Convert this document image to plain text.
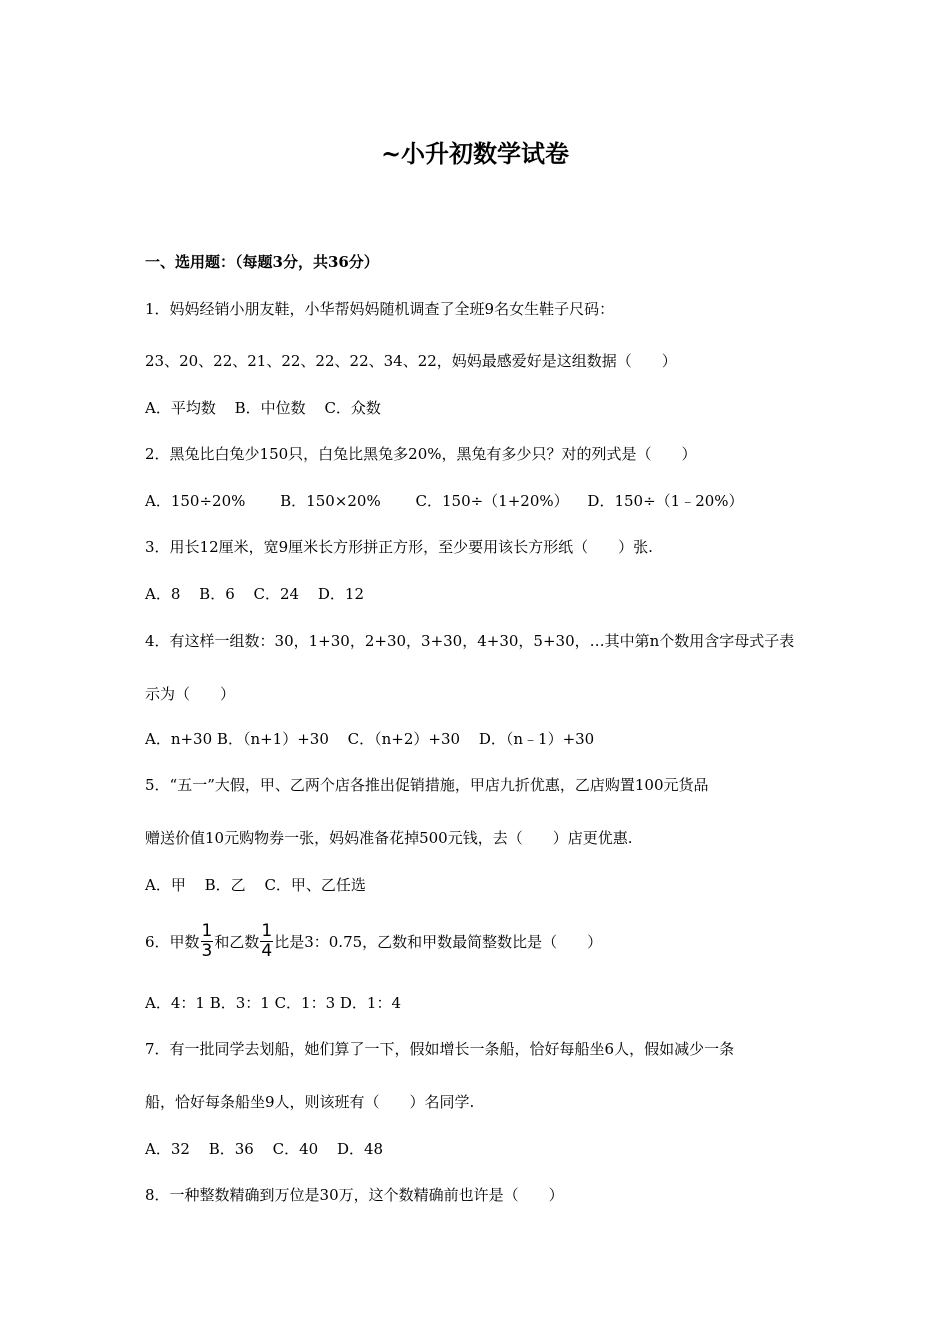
~小升初数学试卷
一、选用题：（每题3分，共36分）
1．妈妈经销小朋友鞋，小华帮妈妈随机调查了全班9名女生鞋子尺码：
23、20、22、21、22、22、22、34、22，妈妈最感爱好是这组数据（　　）
A．平均数 B．中位数 C．众数
2．黑兔比白兔少150只，白兔比黑兔多20%，黑兔有多少只？对的列式是（　　）
A．150÷20% B．150×20% C．150÷（1+20%） D．150÷（1﹣20%）
3．用长12厘米，宽9厘米长方形拼正方形，至少要用该长方形纸（　　）张.
A．8 B．6 C．24 D．12
4．有这样一组数：30，1+30，2+30，3+30，4+30，5+30，…其中第n个数用含字母式子表
示为（　　）
A．n+30 B．（n+1）+30 C．（n+2）+30 D．（n﹣1）+30
5．“五一”大假，甲、乙两个店各推出促销措施，甲店九折优惠，乙店购置100元货品
赠送价值10元购物券一张，妈妈准备花掉500元钱，去（　　）店更优惠.
A．甲 B．乙 C．甲、乙任选
6．甲数 $\frac{1}{3}$ 和乙数 $\frac{1}{4}$ 比是3：0.75，乙数和甲数最简整数比是（　　）
A．4：1 B．3：1 C．1：3 D．1：4
7．有一批同学去划船，她们算了一下，假如增长一条船，恰好每船坐6人，假如减少一条
船，恰好每条船坐9人，则该班有（　　）名同学.
A．32 B．36 C．40 D．48
8．一种整数精确到万位是30万，这个数精确前也许是（　　）
